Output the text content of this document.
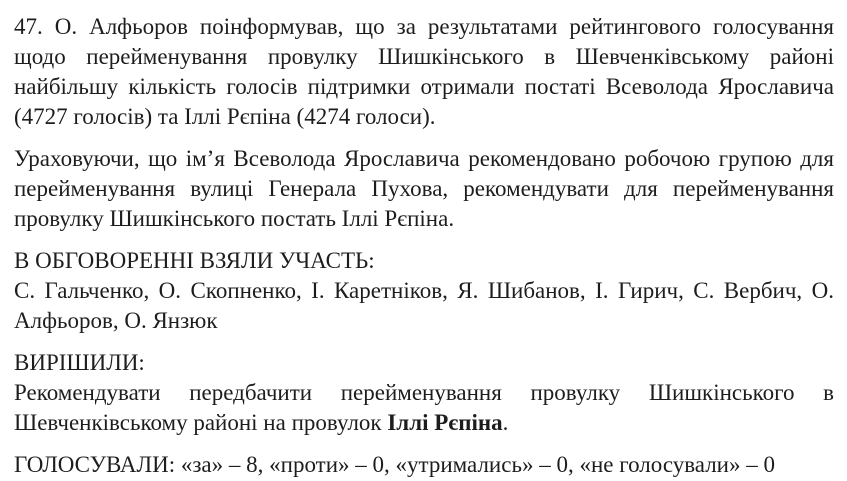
47. О. Алфьоров поінформував, що за результатами рейтингового голосування щодо перейменування провулку Шишкінського в Шевченківському районі найбільшу кількість голосів підтримки отримали постаті Всеволода Ярославича (4727 голосів) та Іллі Рєпіна (4274 голоси).

Ураховуючи, що ім’я Всеволода Ярославича рекомендовано робочою групою для перейменування вулиці Генерала Пухова, рекомендувати для перейменування провулку Шишкінського постать Іллі Рєпіна.

В ОБГОВОРЕННІ ВЗЯЛИ УЧАСТЬ:

С. Гальченко, О. Скопненко, І. Каретніков, Я. Шибанов, І. Гирич, С. Вербич, О. Алфьоров, О. Янзюк

ВИРІШИЛИ:

Рекомендувати передбачити перейменування провулку Шишкінського в Шевченківському районі на провулок Іллі Рєпіна.

ГОЛОСУВАЛИ: «за» – 8, «проти» – 0, «утримались» – 0, «не голосували» – 0
